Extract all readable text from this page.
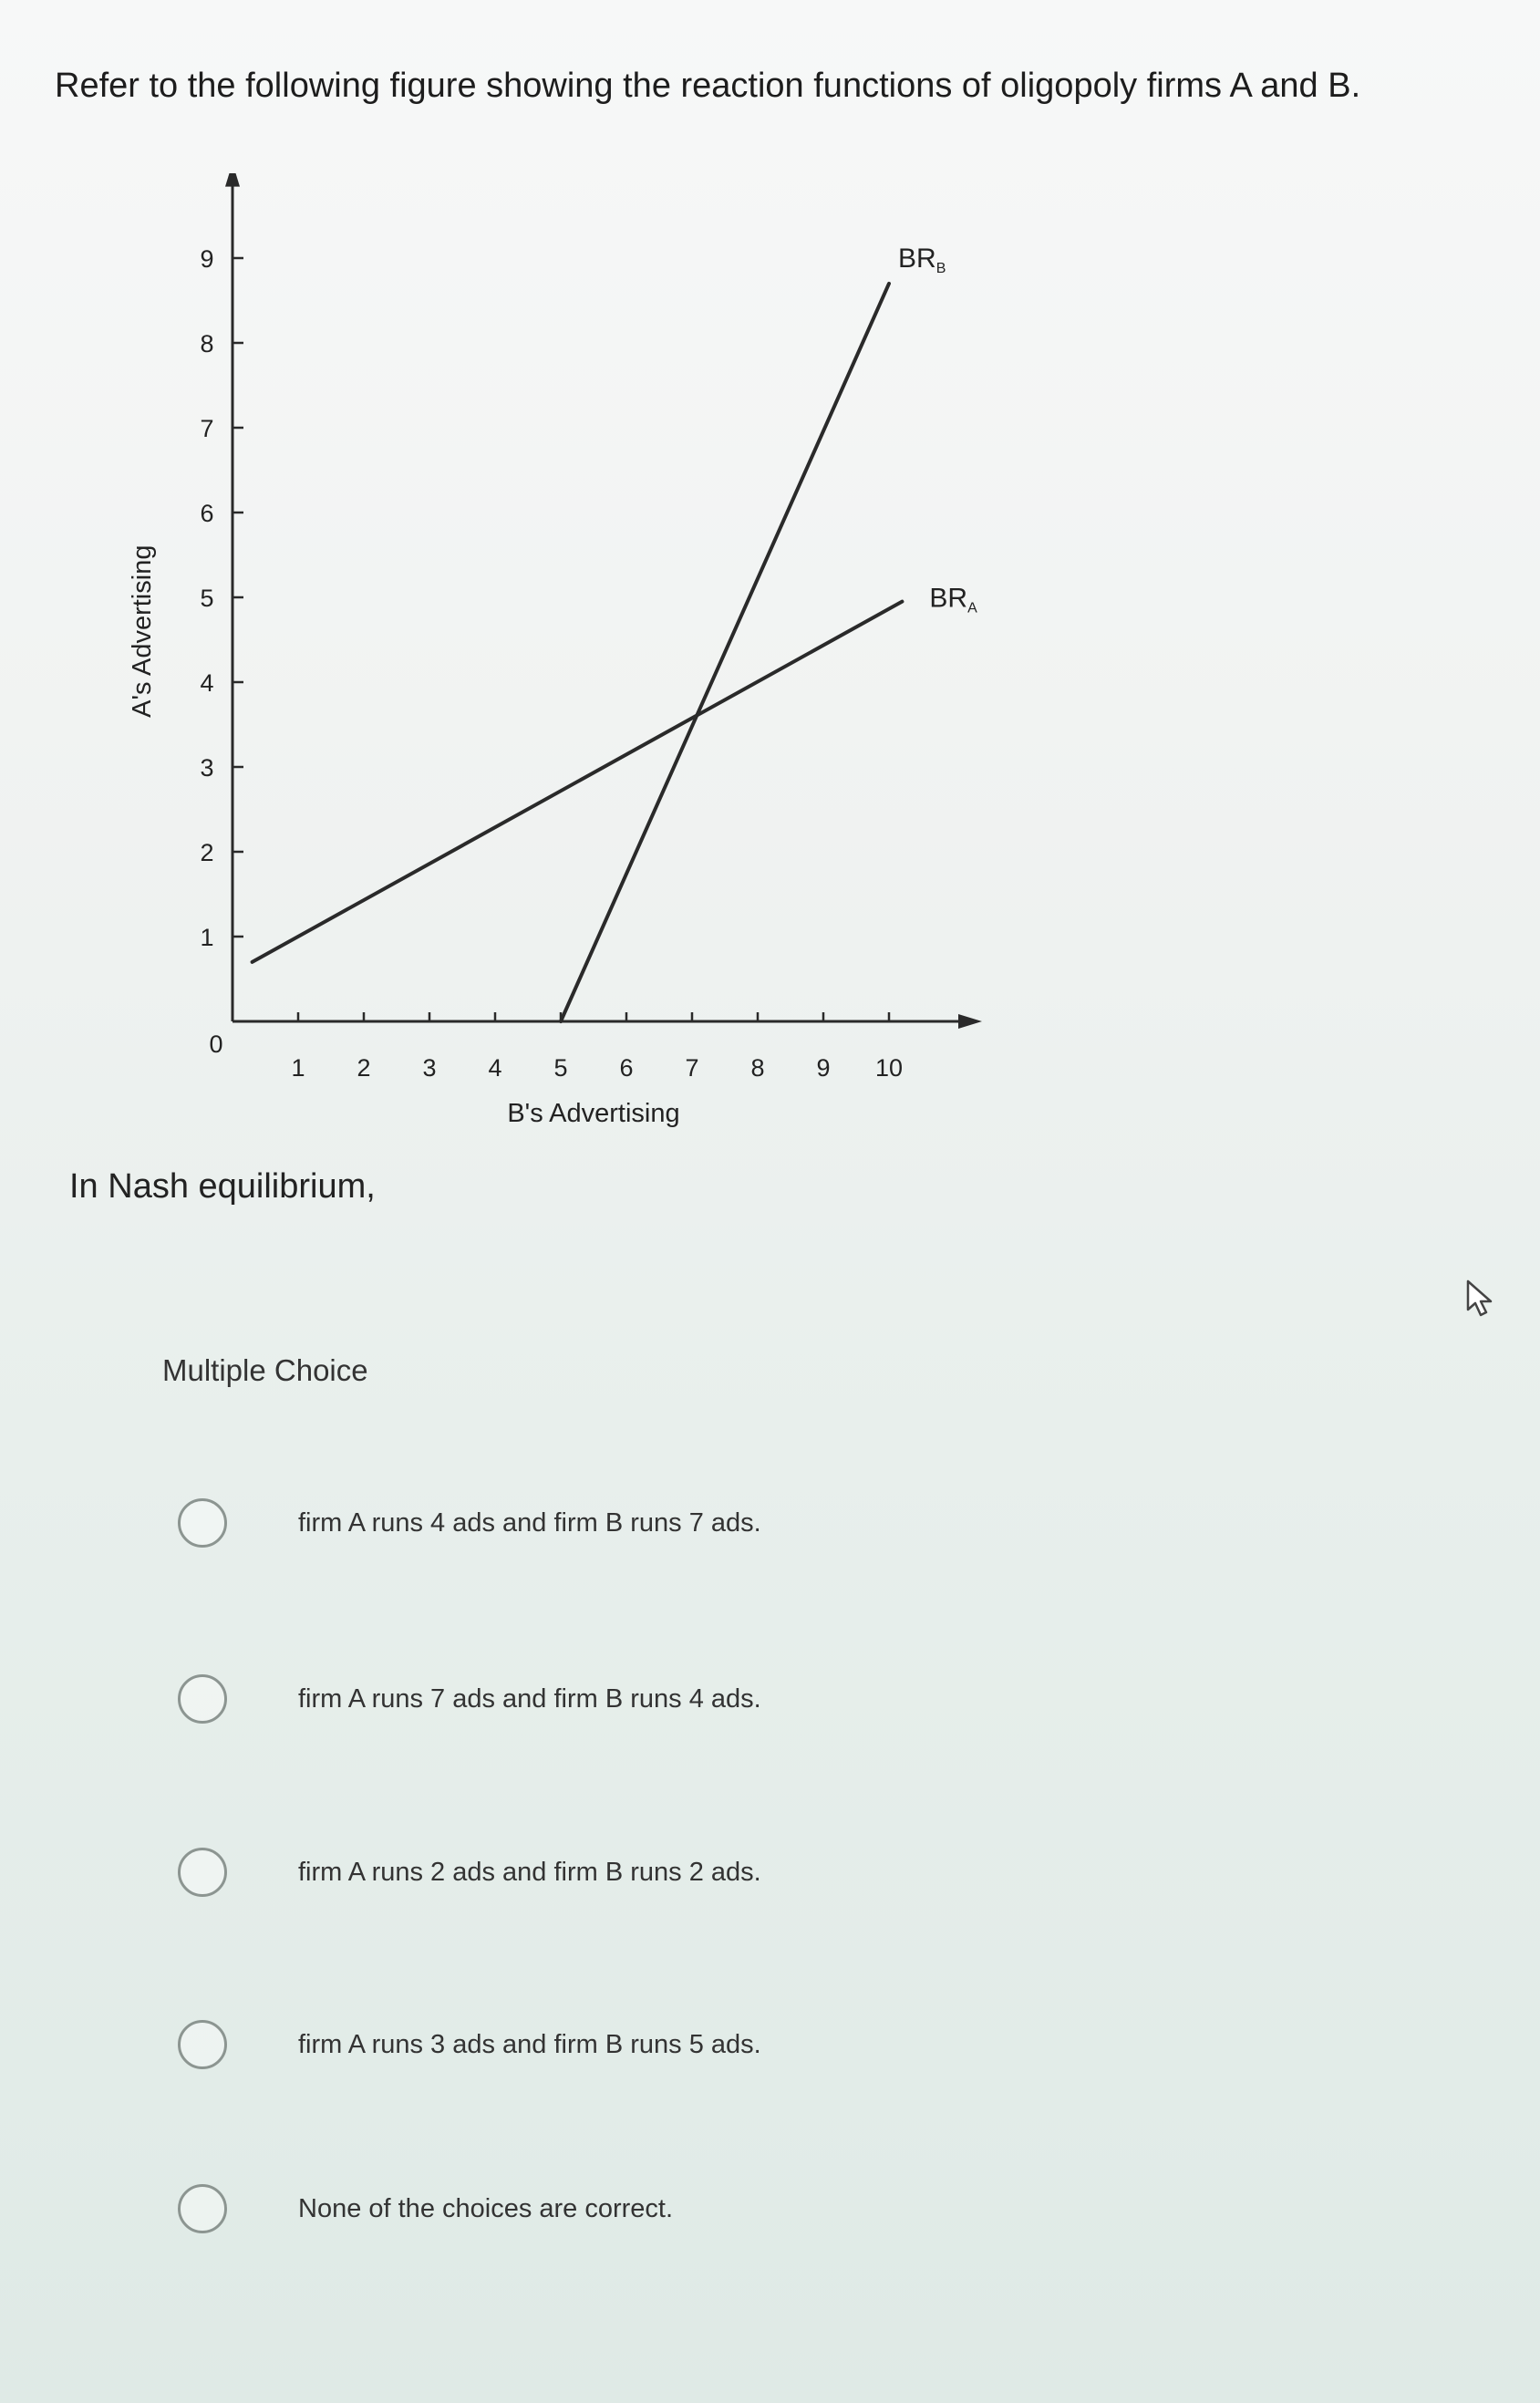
Refer to the following figure showing the reaction functions of oligopoly firms A and B.
1 2 3 4 5 6 7 8 9 10
1
2
3
4
5
6
7
8
9
0
B's Advertising
A's Advertising
$BR_B$
$BR_A$
In Nash equilibrium,
Multiple Choice
firm A runs 4 ads and firm B runs 7 ads.
firm A runs 7 ads and firm B runs 4 ads.
firm A runs 2 ads and firm B runs 2 ads.
firm A runs 3 ads and firm B runs 5 ads.
None of the choices are correct.
